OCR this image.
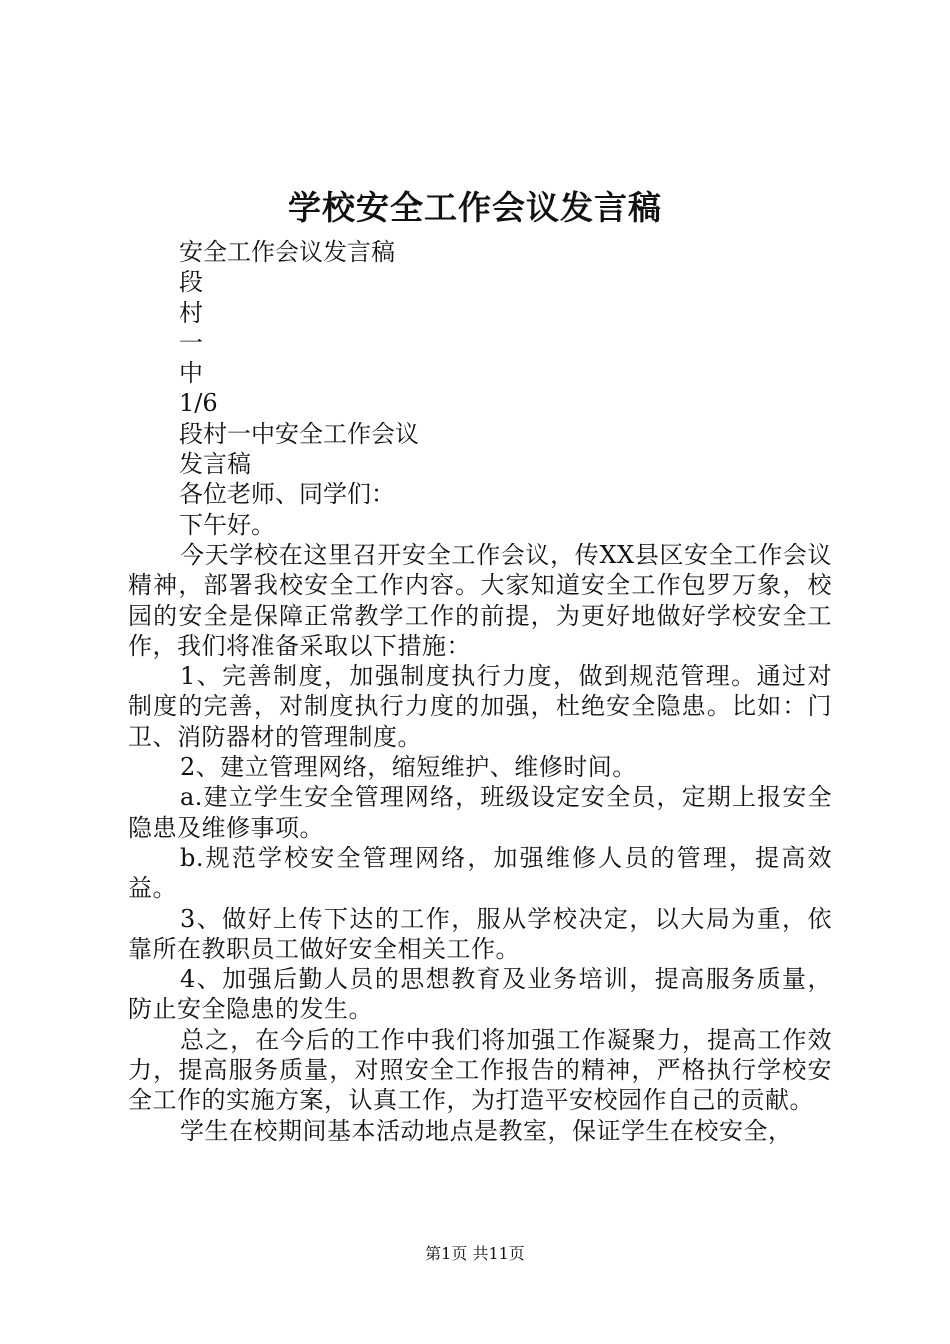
学校安全工作会议发言稿
安全工作会议发言稿
段
村
一
中
1/6
段村一中安全工作会议
发言稿
各位老师、同学们：
下午好。

今天学校在这里召开安全工作会议，传XX县区安全工作会议精神，部署我校安全工作内容。大家知道安全工作包罗万象，校园的安全是保障正常教学工作的前提，为更好地做好学校安全工作，我们将准备采取以下措施：

1、完善制度，加强制度执行力度，做到规范管理。通过对制度的完善，对制度执行力度的加强，杜绝安全隐患。比如：门卫、消防器材的管理制度。

2、建立管理网络，缩短维护、维修时间。

a.建立学生安全管理网络，班级设定安全员，定期上报安全隐患及维修事项。

b.规范学校安全管理网络，加强维修人员的管理，提高效益。

3、做好上传下达的工作，服从学校决定，以大局为重，依靠所在教职员工做好安全相关工作。

4、加强后勤人员的思想教育及业务培训，提高服务质量，防止安全隐患的发生。

总之，在今后的工作中我们将加强工作凝聚力，提高工作效力，提高服务质量，对照安全工作报告的精神，严格执行学校安全工作的实施方案，认真工作，为打造平安校园作自己的贡献。

学生在校期间基本活动地点是教室，保证学生在校安全，

第1页 共11页
